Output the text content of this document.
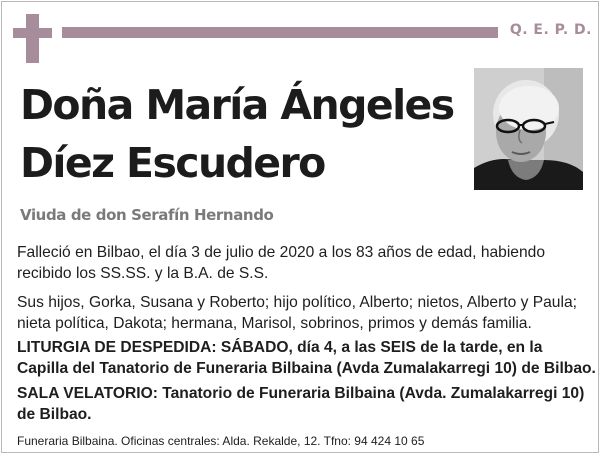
Q. E. P. D.
Doña María Ángeles
Díez Escudero
Viuda de don Serafín Hernando
Falleció en Bilbao, el día 3 de julio de 2020 a los 83 años de edad, habiendo recibido los SS.SS. y la B.A. de S.S.
Sus hijos, Gorka, Susana y Roberto; hijo político, Alberto; nietos, Alberto y Paula; nieta política, Dakota; hermana, Marisol, sobrinos, primos y demás familia.
LITURGIA DE DESPEDIDA: SÁBADO, día 4, a las SEIS de la tarde, en la Capilla del Tanatorio de Funeraria Bilbaina (Avda Zumalakarregi 10) de Bilbao.
SALA VELATORIO: Tanatorio de Funeraria Bilbaina (Avda. Zumalakarregi 10) de Bilbao.
Funeraria Bilbaina. Oficinas centrales: Alda. Rekalde, 12. Tfno: 94 424 10 65
